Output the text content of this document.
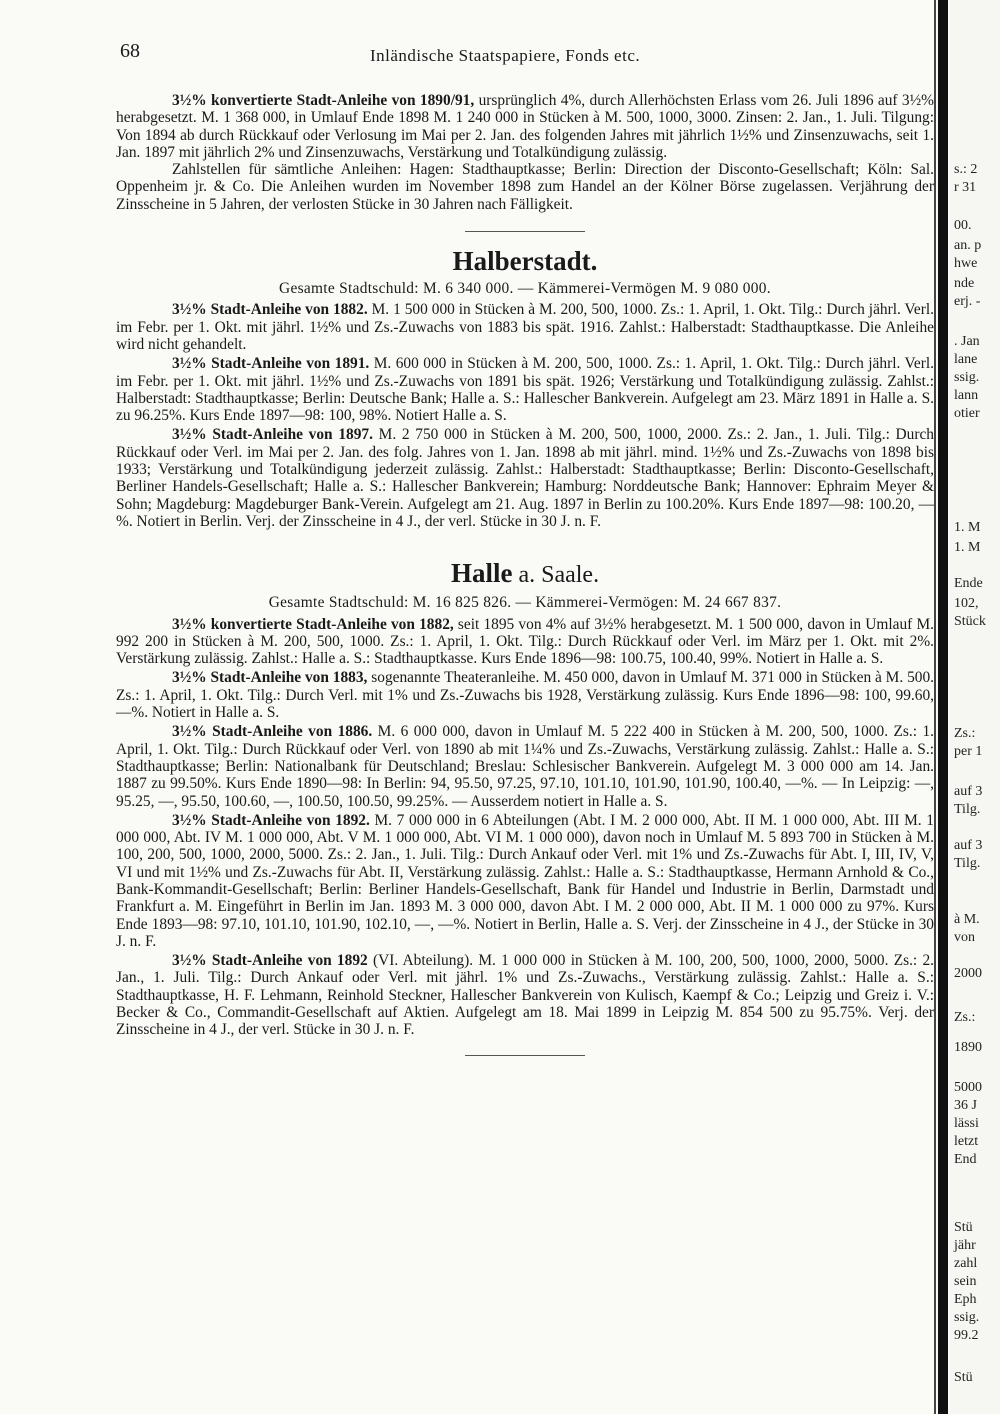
68	Inländische Staatspapiere, Fonds etc.

3½% konvertierte Stadt-Anleihe von 1890/91, ursprünglich 4%, durch Allerhöchsten Erlass vom 26. Juli 1896 auf 3½% herabgesetzt. M. 1 368 000, in Umlauf Ende 1898 M. 1 240 000 in Stücken à M. 500, 1000, 3000. Zinsen: 2. Jan., 1. Juli. Tilgung: Von 1894 ab durch Rückkauf oder Verlosung im Mai per 2. Jan. des folgenden Jahres mit jährlich 1½% und Zinsenzuwachs, seit 1. Jan. 1897 mit jährlich 2% und Zinsenzuwachs, Verstärkung und Totalkündigung zulässig.

Zahlstellen für sämtliche Anleihen: Hagen: Stadthauptkasse; Berlin: Direction der Disconto-Gesellschaft; Köln: Sal. Oppenheim jr. & Co. Die Anleihen wurden im November 1898 zum Handel an der Kölner Börse zugelassen. Verjährung der Zinsscheine in 5 Jahren, der verlosten Stücke in 30 Jahren nach Fälligkeit.

Halberstadt.
Gesamte Stadtschuld: M. 6 340 000. — Kämmerei-Vermögen M. 9 080 000.

3½% Stadt-Anleihe von 1882. M. 1 500 000 in Stücken à M. 200, 500, 1000. Zs.: 1. April, 1. Okt. Tilg.: Durch jährl. Verl. im Febr. per 1. Okt. mit jährl. 1½% und Zs.-Zuwachs von 1883 bis spät. 1916. Zahlst.: Halberstadt: Stadthauptkasse. Die Anleihe wird nicht gehandelt.

3½% Stadt-Anleihe von 1891. M. 600 000 in Stücken à M. 200, 500, 1000. Zs.: 1. April, 1. Okt. Tilg.: Durch jährl. Verl. im Febr. per 1. Okt. mit jährl. 1½% und Zs.-Zuwachs von 1891 bis spät. 1926; Verstärkung und Totalkündigung zulässig. Zahlst.: Halberstadt: Stadthauptkasse; Berlin: Deutsche Bank; Halle a. S.: Hallescher Bankverein. Aufgelegt am 23. März 1891 in Halle a. S. zu 96.25%. Kurs Ende 1897—98: 100, 98%. Notiert Halle a. S.

3½% Stadt-Anleihe von 1897. M. 2 750 000 in Stücken à M. 200, 500, 1000, 2000. Zs.: 2. Jan., 1. Juli. Tilg.: Durch Rückkauf oder Verl. im Mai per 2. Jan. des folg. Jahres von 1. Jan. 1898 ab mit jährl. mind. 1½% und Zs.-Zuwachs von 1898 bis 1933; Verstärkung und Totalkündigung jederzeit zulässig. Zahlst.: Halberstadt: Stadthauptkasse; Berlin: Disconto-Gesellschaft, Berliner Handels-Gesellschaft; Halle a. S.: Hallescher Bankverein; Hamburg: Norddeutsche Bank; Hannover: Ephraim Meyer & Sohn; Magdeburg: Magdeburger Bank-Verein. Aufgelegt am 21. Aug. 1897 in Berlin zu 100.20%. Kurs Ende 1897—98: 100.20, —%. Notiert in Berlin. Verj. der Zinsscheine in 4 J., der verl. Stücke in 30 J. n. F.

Halle a. Saale.
Gesamte Stadtschuld: M. 16 825 826. — Kämmerei-Vermögen: M. 24 667 837.

3½% konvertierte Stadt-Anleihe von 1882, seit 1895 von 4% auf 3½% herabgesetzt. M. 1 500 000, davon in Umlauf M. 992 200 in Stücken à M. 200, 500, 1000. Zs.: 1. April, 1. Okt. Tilg.: Durch Rückkauf oder Verl. im März per 1. Okt. mit 2%. Verstärkung zulässig. Zahlst.: Halle a. S.: Stadthauptkasse. Kurs Ende 1896—98: 100.75, 100.40, 99%. Notiert in Halle a. S.

3½% Stadt-Anleihe von 1883, sogenannte Theateranleihe. M. 450 000, davon in Umlauf M. 371 000 in Stücken à M. 500. Zs.: 1. April, 1. Okt. Tilg.: Durch Verl. mit 1% und Zs.-Zuwachs bis 1928, Verstärkung zulässig. Kurs Ende 1896—98: 100, 99.60, —%. Notiert in Halle a. S.

3½% Stadt-Anleihe von 1886. M. 6 000 000, davon in Umlauf M. 5 222 400 in Stücken à M. 200, 500, 1000. Zs.: 1. April, 1. Okt. Tilg.: Durch Rückkauf oder Verl. von 1890 ab mit 1¼% und Zs.-Zuwachs, Verstärkung zulässig. Zahlst.: Halle a. S.: Stadthauptkasse; Berlin: Nationalbank für Deutschland; Breslau: Schlesischer Bankverein. Aufgelegt M. 3 000 000 am 14. Jan. 1887 zu 99.50%. Kurs Ende 1890—98: In Berlin: 94, 95.50, 97.25, 97.10, 101.10, 101.90, 101.90, 100.40, —%. — In Leipzig: —, 95.25, —, 95.50, 100.60, —, 100.50, 100.50, 99.25%. — Ausserdem notiert in Halle a. S.

3½% Stadt-Anleihe von 1892. M. 7 000 000 in 6 Abteilungen (Abt. I M. 2 000 000, Abt. II M. 1 000 000, Abt. III M. 1 000 000, Abt. IV M. 1 000 000, Abt. V M. 1 000 000, Abt. VI M. 1 000 000), davon noch in Umlauf M. 5 893 700 in Stücken à M. 100, 200, 500, 1000, 2000, 5000. Zs.: 2. Jan., 1. Juli. Tilg.: Durch Ankauf oder Verl. mit 1% und Zs.-Zuwachs für Abt. I, III, IV, V, VI und mit 1½% und Zs.-Zuwachs für Abt. II, Verstärkung zulässig. Zahlst.: Halle a. S.: Stadthauptkasse, Hermann Arnhold & Co., Bank-Kommandit-Gesellschaft; Berlin: Berliner Handels-Gesellschaft, Bank für Handel und Industrie in Berlin, Darmstadt und Frankfurt a. M. Eingeführt in Berlin im Jan. 1893 M. 3 000 000, davon Abt. I M. 2 000 000, Abt. II M. 1 000 000 zu 97%. Kurs Ende 1893—98: 97.10, 101.10, 101.90, 102.10, —, —%. Notiert in Berlin, Halle a. S. Verj. der Zinsscheine in 4 J., der Stücke in 30 J. n. F.

3½% Stadt-Anleihe von 1892 (VI. Abteilung). M. 1 000 000 in Stücken à M. 100, 200, 500, 1000, 2000, 5000. Zs.: 2. Jan., 1. Juli. Tilg.: Durch Ankauf oder Verl. mit jährl. 1% und Zs.-Zuwachs., Verstärkung zulässig. Zahlst.: Halle a. S.: Stadthauptkasse, H. F. Lehmann, Reinhold Steckner, Hallescher Bankverein von Kulisch, Kaempf & Co.; Leipzig und Greiz i. V.: Becker & Co., Commandit-Gesellschaft auf Aktien. Aufgelegt am 18. Mai 1899 in Leipzig M. 854 500 zu 95.75%. Verj. der Zinsscheine in 4 J., der verl. Stücke in 30 J. n. F.

s.: 2
r 31
00.
an. p
hwe
nde
erj. -
. Jan
lane
ssig.
lann
otier
1. M
1. M
Ende
102,
Stück
Zs.:
per 1
auf 3
Tilg.
auf 3
Tilg.
à M.
von
2000
Zs.:
1890
5000
36 J
lässi
letzt
End
Stü
jähr
zahl
sein
Eph
ssig.
99.2
Stü
